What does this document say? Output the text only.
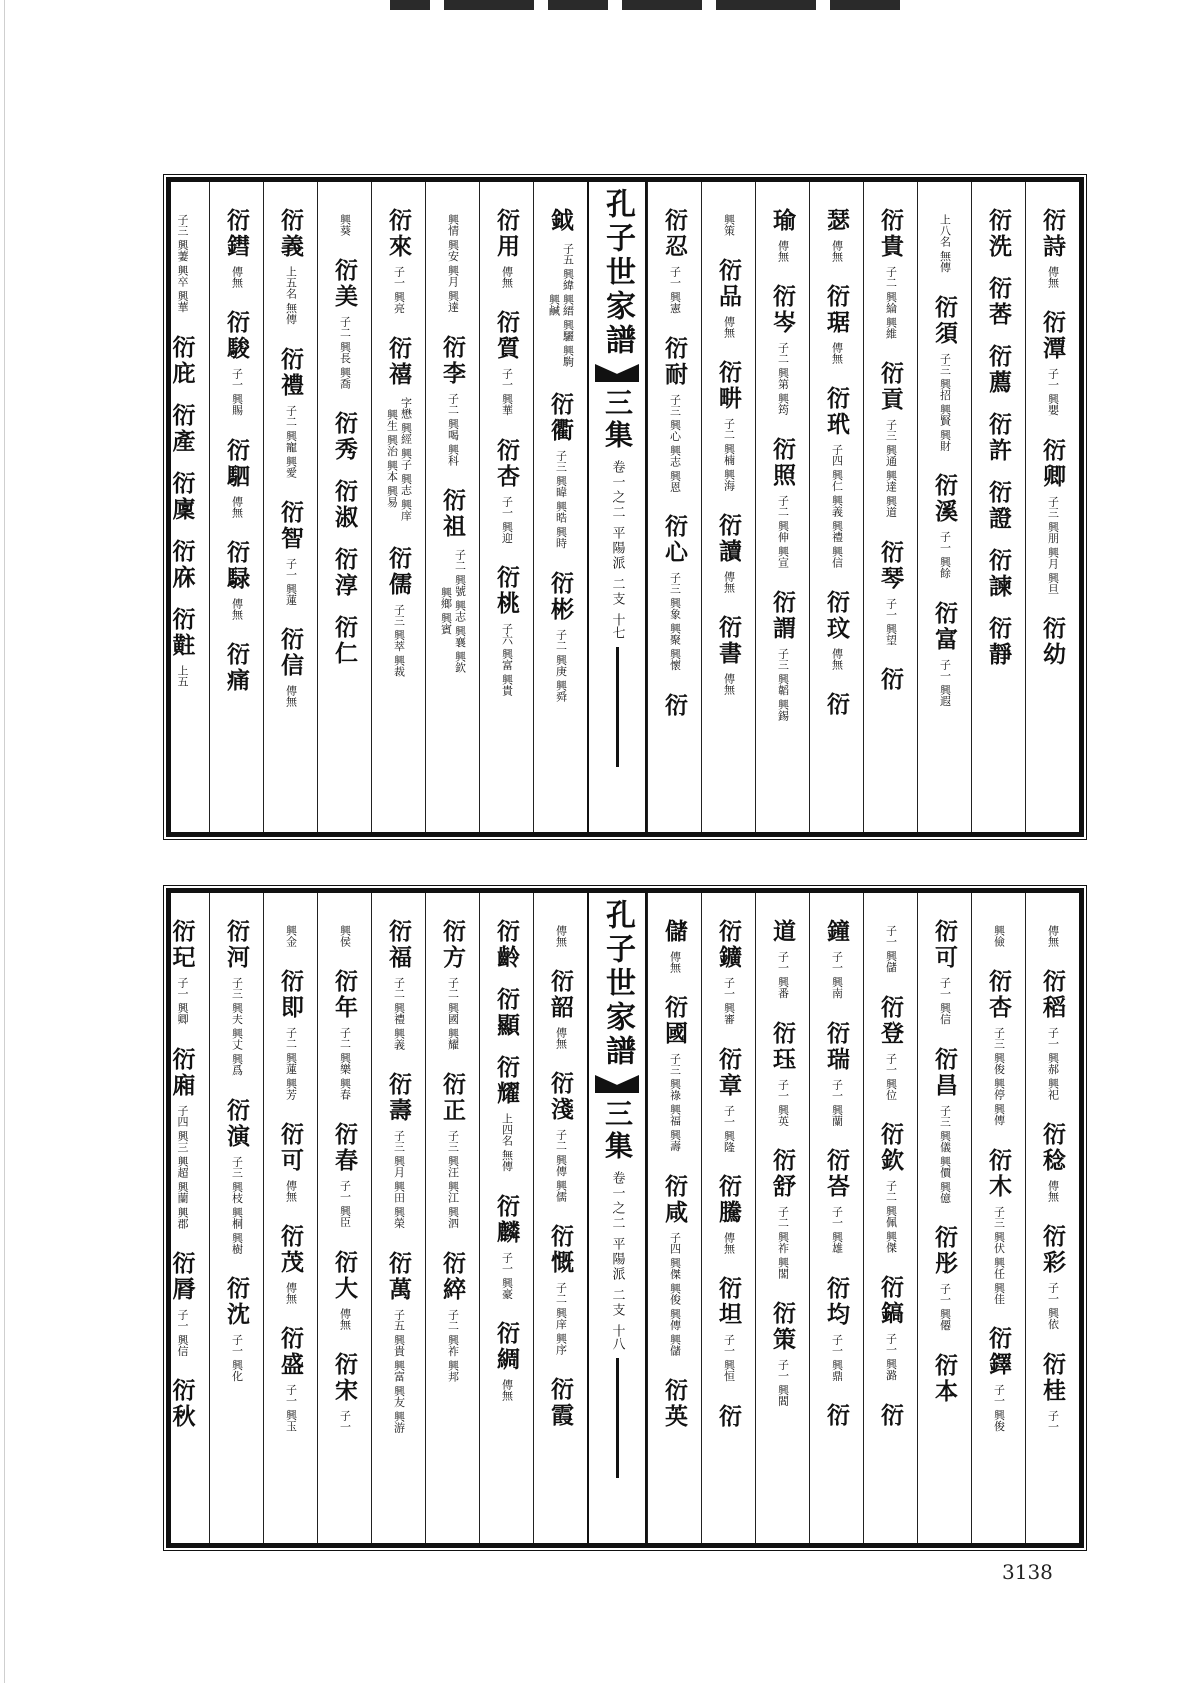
衍詩
傳無
衍潭
子一 興嬰
衍卿
子三 興朋 興月 興旦
衍幼
衍洗
衍莕
衍薦
衍許
衍證
衍諫
衍靜
上八名 無傳
衍須
子三 興招 興賢 興財
衍溪
子一 興餘
衍富
子一 興遐
衍貴
子二 興綸 興維
衍貢
子三 興通 興達 興道
衍琴
子一 興望
衍
瑟
傳無
衍琚
傳無
衍玳
子四 興仁 興義 興禮 興信
衍玟
傳無
衍
瑜
傳無
衍岑
子二 興第 興筠
衍照
子二 興伸 興宣
衍謂
子三 興韜 興錫
興策
衍品
傳無
衍畊
子二 興楠 興海
衍讀
傳無
衍書
傳無
衍忍
子一 興憲
衍耐
子三 興心 興志 興恩
衍心
子三 興象 興聚 興懷
衍
孔子世家譜
三集
卷一之二 平陽派 二支
十七
鉞
子五 興緯 興縉 興驪 興駒 興鹹
衍衢
子三 興暐 興晧 興時
衍彬
子二 興庚 興舜
衍用
傳無
衍質
子一 興華
衍杏
子一 興迎
衍桃
子六 興富 興貴
興情 興安 興月 興達
衍李
子二 興喝 興科
衍祖
子二 興號 興志 興襄 興欽 興鄉 興賓
衍來
子一 興亮
衍禧
字懋 興經 興子 興志 興庠 興生 興治 興本 興易
衍儒
子三 興萃 興裁
興葵
衍美
子二 興長 興喬
衍秀
衍淑
衍淳
衍仁
衍義
上五名 無傳
衍禮
子二 興寵 興愛
衍智
子一 興蓮
衍信
傳無
衍鏏
傳無
衍駿
子一 興賜
衍駟
傳無
衍騄
傳無
衍痛
子三 興萋 興卒 興華
衍庇
衍產
衍廩
衍庥
衍黈
上五
傳無
衍稻
子一 興郝 興祀
衍稔
傳無
衍彩
子一 興依
衍桂
子一
興儉
衍杏
子三 興俊 興停 興傳
衍木
子三 興伏 興任 興佳
衍鐸
子一 興俊
衍可
子一 興信
衍昌
子三 興儀 興價 興億
衍彤
子一 興僊
衍本
子一 興儲
衍登
子一 興位
衍欽
子二 興佩 興傑
衍鎬
子一 興潞
衍
鐘
子一 興南
衍瑞
子一 興蘭
衍峇
子一 興雄
衍均
子一 興鼎
衍
道
子一 興番
衍珏
子一 興英
衍舒
子二 興祚 興閣
衍策
子一 興閻
衍鑛
子一 興審
衍章
子一 興隆
衍騰
傳無
衍坦
子一 興恒
衍
儲
傳無
衍國
子三 興祿 興福 興壽
衍咸
子四 興傑 興俊 興傳 興儲
衍英
孔子世家譜
三集
卷一之二 平陽派 二支
十八
傳無
衍韶
傳無
衍淺
子二 興傳 興儒
衍慨
子二 興庠 興序
衍霞
衍齡
衍顯
衍耀
上四名 無傳
衍麟
子一 興豪
衍綢
傳無
衍方
子二 興國 興耀
衍正
子三 興汪 興江 興泗
衍綷
子二 興祚 興邦
衍福
子二 興禮 興義
衍壽
子三 興月 興田 興榮
衍萬
子五 興貴 興富 興友 興游
興侯
衍年
子二 興樂 興春
衍春
子一 興臣
衍大
傳無
衍宋
子一
興金
衍即
子二 興蓮 興芳
衍可
傳無
衍茂
傳無
衍盛
子一 興玉
衍河
子三 興夫 興丈 興爲
衍演
子三 興枝 興桐 興樹
衍沈
子一 興化
衍玘
子一 興卿
衍廂
子四 興三 興超 興蘭 興郡
衍脣
子一 興信
衍秋
3138
